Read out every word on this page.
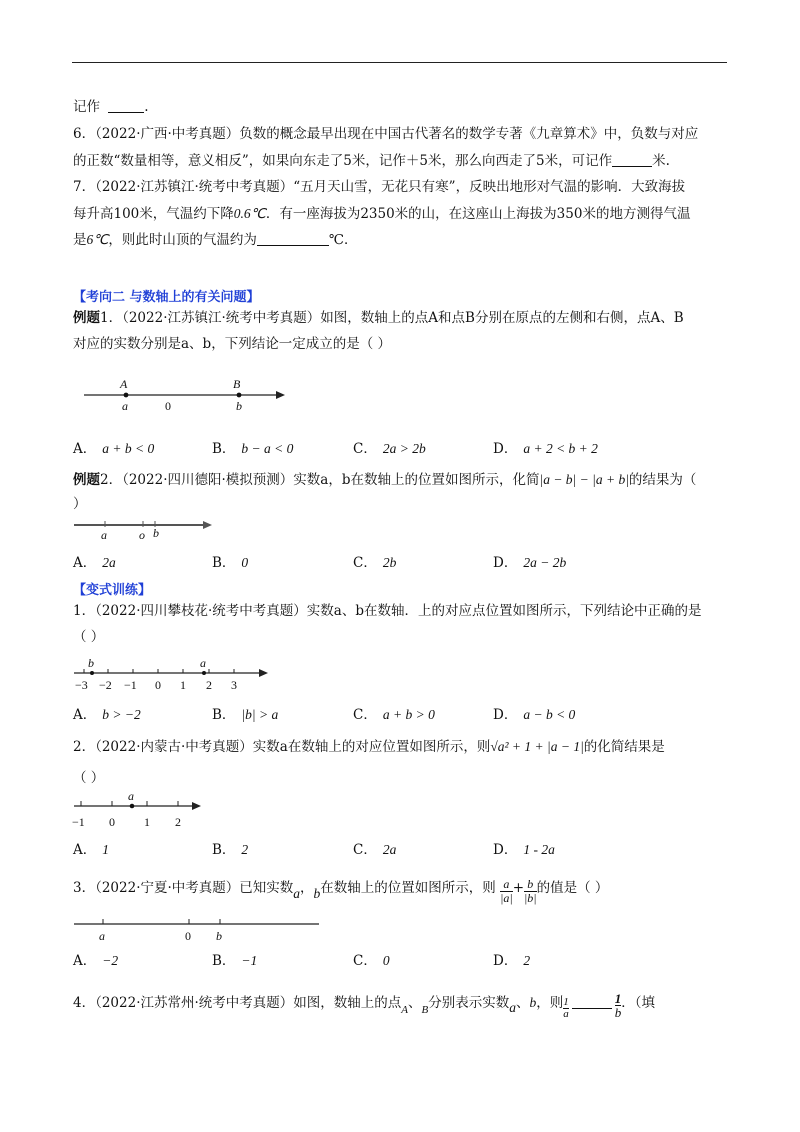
记作	.
6．（2022·广西·中考真题）负数的概念最早出现在中国古代著名的数学专著《九章算术》中，负数与对应
的正数“数量相等，意义相反”，如果向东走了5米，记作＋5米，那么向西走了5米，可记作	米.
7．（2022·江苏镇江·统考中考真题）“五月天山雪，无花只有寒”，反映出地形对气温的影响．大致海拔
每升高100米，气温约下降0.6℃．有一座海拔为2350米的山，在这座山上海拔为350米的地方测得气温
是6℃，则此时山顶的气温约为	℃．
【考向二 与数轴上的有关问题】
例题1．（2022·江苏镇江·统考中考真题）如图，数轴上的点A和点B分别在原点的左侧和右侧，点A、B
对应的实数分别是a、b，下列结论一定成立的是（ ）
A	B
a	0	b
A． a + b < 0	B． b − a < 0	C． 2a > 2b	D． a + 2 < b + 2
例题2．（2022·四川德阳·模拟预测）实数a，b在数轴上的位置如图所示，化简|a − b| − |a + b|的结果为（
）
a	o b
A． 2a	B． 0	C． 2b	D． 2a − 2b
【变式训练】
1．（2022·四川攀枝花·统考中考真题）实数a、b在数轴．上的对应点位置如图所示，下列结论中正确的是
（ ）
b	a
−3 −2 −1 0 1 2 3
A． b > −2	B． |b| > a	C． a + b > 0	D． a − b < 0
2．（2022·内蒙古·中考真题）实数a在数轴上的对应位置如图所示，则√a² + 1 + |a − 1|的化简结果是
（ ）
a
−1 0 1 2
A． 1	B． 2	C． 2a	D． 1 - 2a
3．（2022·宁夏·中考真题）已知实数a，b在数轴上的位置如图所示，则 $\frac{a}{|a|} + \frac{b}{|b|}$ 的值是（ ）
a	0 b
A． −2	B． −1	C． 0	D． 2
4．（2022·江苏常州·统考中考真题）如图，数轴上的点$_A$、$_B$分别表示实数a、b，则 $\frac{1}{a}$	$\frac{1}{b}$ ．（填
